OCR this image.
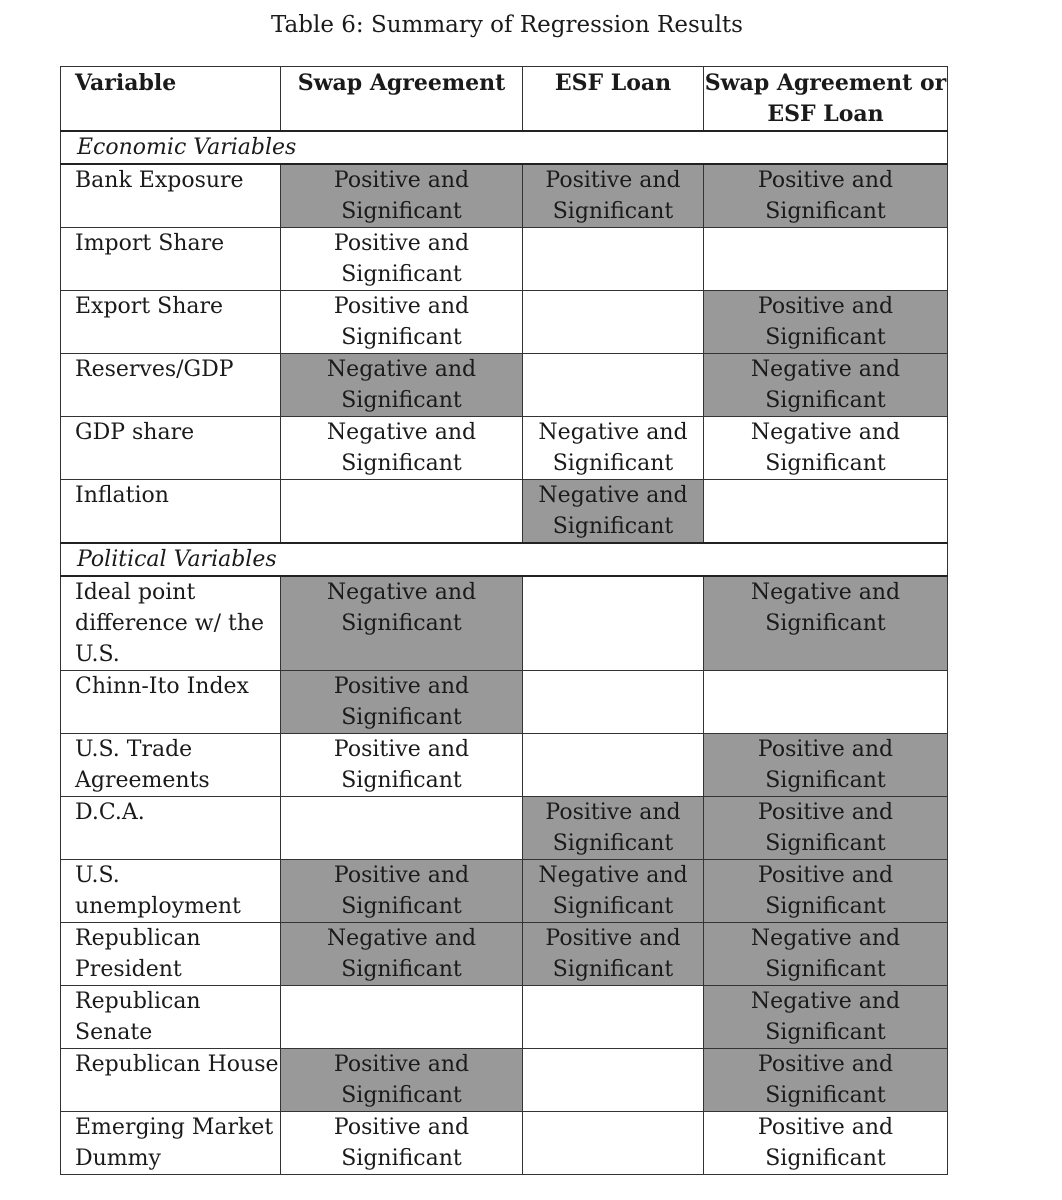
Table 6: Summary of Regression Results
Variable	Swap Agreement	ESF Loan	Swap Agreement or ESF Loan
Economic Variables			
Bank Exposure	Positive and Significant	Positive and Significant	Positive and Significant
Import Share	Positive and Significant		
Export Share	Positive and Significant		Positive and Significant
Reserves/GDP	Negative and Significant		Negative and Significant
GDP share	Negative and Significant	Negative and Significant	Negative and Significant
Inflation		Negative and Significant	
Political Variables			
Ideal point difference w/ the U.S.	Negative and Significant		Negative and Significant
Chinn-Ito Index	Positive and Significant		
U.S. Trade Agreements	Positive and Significant		Positive and Significant
D.C.A.		Positive and Significant	Positive and Significant
U.S. unemployment	Positive and Significant	Negative and Significant	Positive and Significant
Republican President	Negative and Significant	Positive and Significant	Negative and Significant
Republican Senate			Negative and Significant
Republican House	Positive and Significant		Positive and Significant
Emerging Market Dummy	Positive and Significant		Positive and Significant
